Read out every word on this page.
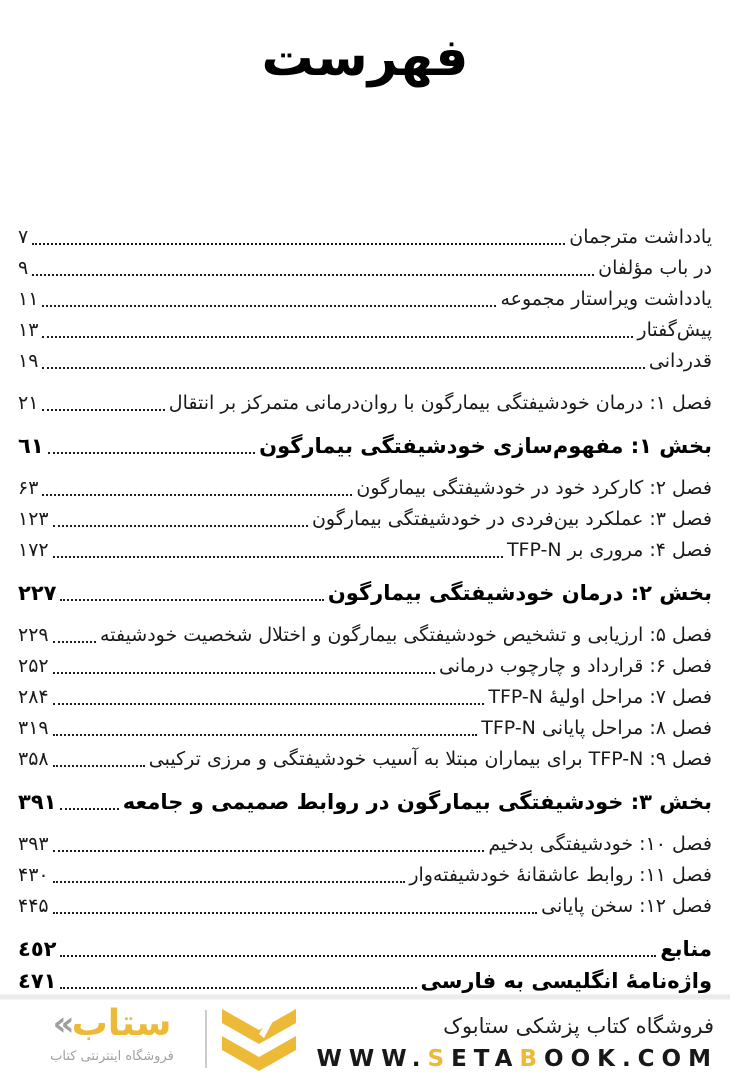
فهرست
یادداشت مترجمان
۷
در باب مؤلفان
۹
یادداشت ویراستار مجموعه
۱۱
پیش‌گفتار
۱۳
قدردانی
۱۹
فصل ۱: درمان خودشیفتگی بیمارگون با روان‌درمانی متمرکز بر انتقال
۲۱
بخش ۱: مفهوم‌سازی خودشیفتگی بیمارگون
٦١
فصل ۲: کارکرد خود در خودشیفتگی بیمارگون
۶۳
فصل ۳: عملکرد بین‌فردی در خودشیفتگی بیمارگون
۱۲۳
فصل ۴: مروری بر TFP-N
۱۷۲
بخش ۲: درمان خودشیفتگی بیمارگون
٢٢٧
فصل ۵: ارزیابی و تشخیص خودشیفتگی بیمارگون و اختلال شخصیت خودشیفته
۲۲۹
فصل ۶: قرارداد و چارچوب درمانی
۲۵۲
فصل ۷: مراحل اولیۀ TFP-N
۲۸۴
فصل ۸: مراحل پایانی TFP-N
۳۱۹
فصل ۹: TFP-N برای بیماران مبتلا به آسیب خودشیفتگی و مرزی ترکیبی
۳۵۸
بخش ۳: خودشیفتگی بیمارگون در روابط صمیمی و جامعه
٣٩١
فصل ۱۰: خودشیفتگی بدخیم
۳۹۳
فصل ۱۱: روابط عاشقانۀ خودشیفته‌وار
۴۳۰
فصل ۱۲: سخن پایانی
۴۴۵
منابع
٤٥٢
واژه‌نامۀ انگلیسی به فارسی
٤٧١
« ستاب
فروشگاه اینترنتی کتاب
فروشگاه کتاب پزشکی ستابوک
WWW.SETABOOK.COM
